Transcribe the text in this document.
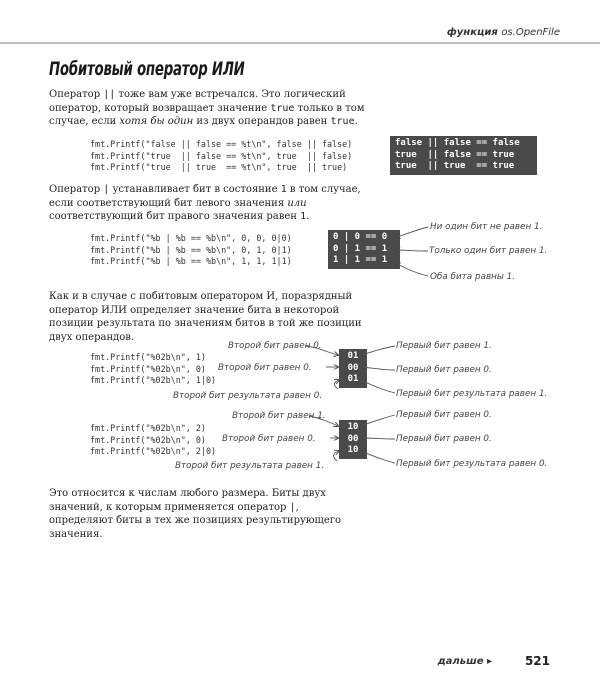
функция os.OpenFile
Побитовый оператор ИЛИ
Оператор || тоже вам уже встречался. Это логический оператор, который возвращает значение true только в том случае, если хотя бы один из двух операндов равен true.
fmt.Printf("false || false == %t\n", false || false)
fmt.Printf("true  || false == %t\n", true  || false)
fmt.Printf("true  || true  == %t\n", true  || true)
false || false == false
true  || false == true
true  || true  == true
Оператор | устанавливает бит в состояние 1 в том случае, если соответствующий бит левого значения или соответствующий бит правого значения равен 1.
fmt.Printf("%b | %b == %b\n", 0, 0, 0|0)
fmt.Printf("%b | %b == %b\n", 0, 1, 0|1)
fmt.Printf("%b | %b == %b\n", 1, 1, 1|1)
0 | 0 == 0
0 | 1 == 1
1 | 1 == 1
Ни один бит не равен 1.
Только один бит равен 1.
Оба бита равны 1.
Как и в случае с побитовым оператором И, поразрядный оператор ИЛИ определяет значение бита в некоторой позиции результата по значениям битов в той же позиции двух операндов.
Второй бит равен 0.
fmt.Printf("%02b\n", 1)
fmt.Printf("%02b\n", 0)
fmt.Printf("%02b\n", 1|0)
Второй бит равен 0.
Второй бит результата равен 0.
01
00
01
Первый бит равен 1.
Первый бит равен 0.
Первый бит результата равен 1.
Второй бит равен 1.
fmt.Printf("%02b\n", 2)
fmt.Printf("%02b\n", 0)
fmt.Printf("%02b\n", 2|0)
Второй бит равен 0.
Второй бит результата равен 1.
10
00
10
Первый бит равен 0.
Первый бит равен 0.
Первый бит результата равен 0.
Это относится к числам любого размера. Биты двух значений, к которым применяется оператор |, определяют биты в тех же позициях результирующего значения.
дальше ▸	521
